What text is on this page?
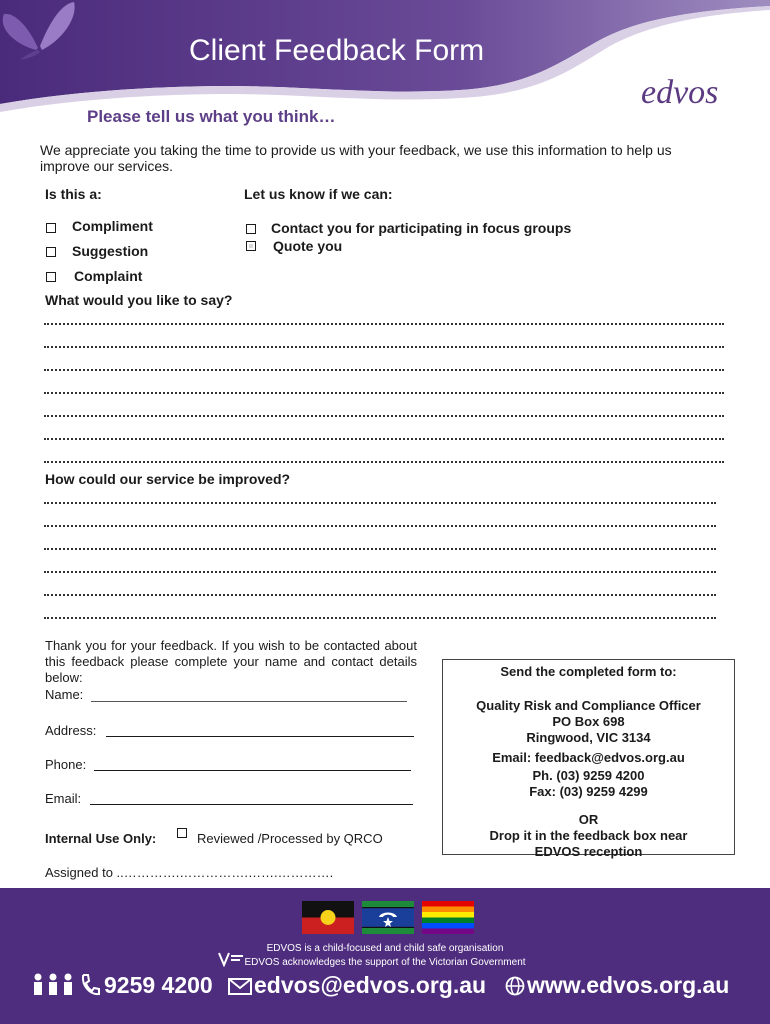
Client Feedback Form
edvos
Please tell us what you think…
We appreciate you taking the time to provide us with your feedback, we use this information to help us improve our services.
Is this a:	Let us know if we can:
Compliment
Suggestion
Complaint
Contact you for participating in focus groups
Quote you
What would you like to say?
How could our service be improved?
Thank you for your feedback. If you wish to be contacted about this feedback please complete your name and contact details below:
Name:
Address:
Phone:
Email:
Internal Use Only:	Reviewed /Processed by QRCO
Assigned to ..………….…………….…….………….
Send the completed form to:
Quality Risk and Compliance Officer
PO Box 698
Ringwood, VIC 3134
Email: feedback@edvos.org.au
Ph. (03) 9259 4200
Fax: (03) 9259 4299
OR
Drop it in the feedback box near
EDVOS reception
EDVOS is a child-focused and child safe organisation
EDVOS acknowledges the support of the Victorian Government
9259 4200 edvos@edvos.org.au www.edvos.org.au
